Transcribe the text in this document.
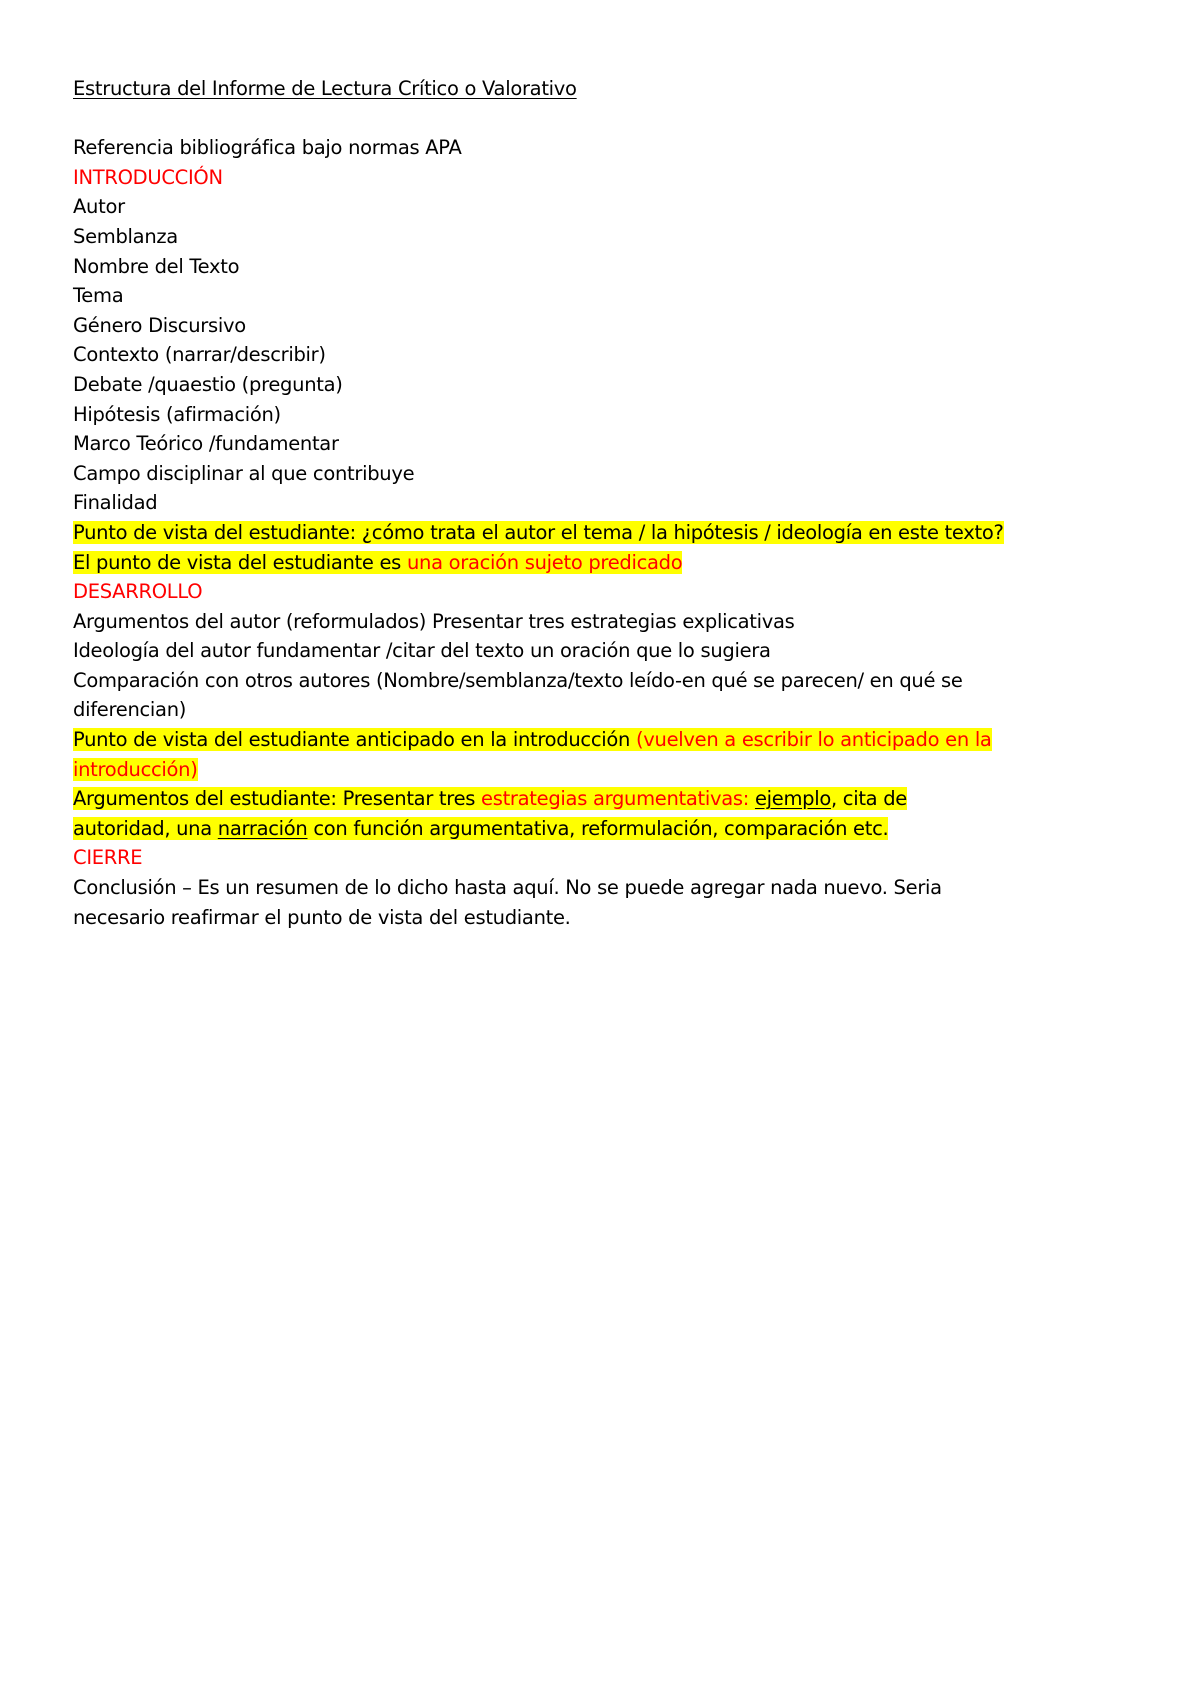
Estructura del Informe de Lectura Crítico o Valorativo
Referencia bibliográfica bajo normas APA
INTRODUCCIÓN
Autor
Semblanza
Nombre del Texto
Tema
Género Discursivo
Contexto (narrar/describir)
Debate /quaestio (pregunta)
Hipótesis (afirmación)
Marco Teórico /fundamentar
Campo disciplinar al que contribuye
Finalidad
Punto de vista del estudiante: ¿cómo trata el autor el tema / la hipótesis / ideología en este texto?
El punto de vista del estudiante es una oración sujeto predicado
DESARROLLO
Argumentos del autor (reformulados) Presentar tres estrategias explicativas
Ideología del autor fundamentar /citar del texto un oración que lo sugiera
Comparación con otros autores (Nombre/semblanza/texto leído-en qué se parecen/ en qué se diferencian)
Punto de vista del estudiante anticipado en la introducción (vuelven a escribir lo anticipado en la introducción)
Argumentos del estudiante: Presentar tres estrategias argumentativas: ejemplo, cita de autoridad, una narración con función argumentativa, reformulación, comparación etc.
CIERRE
Conclusión – Es un resumen de lo dicho hasta aquí. No se puede agregar nada nuevo. Seria necesario reafirmar el punto de vista del estudiante.
